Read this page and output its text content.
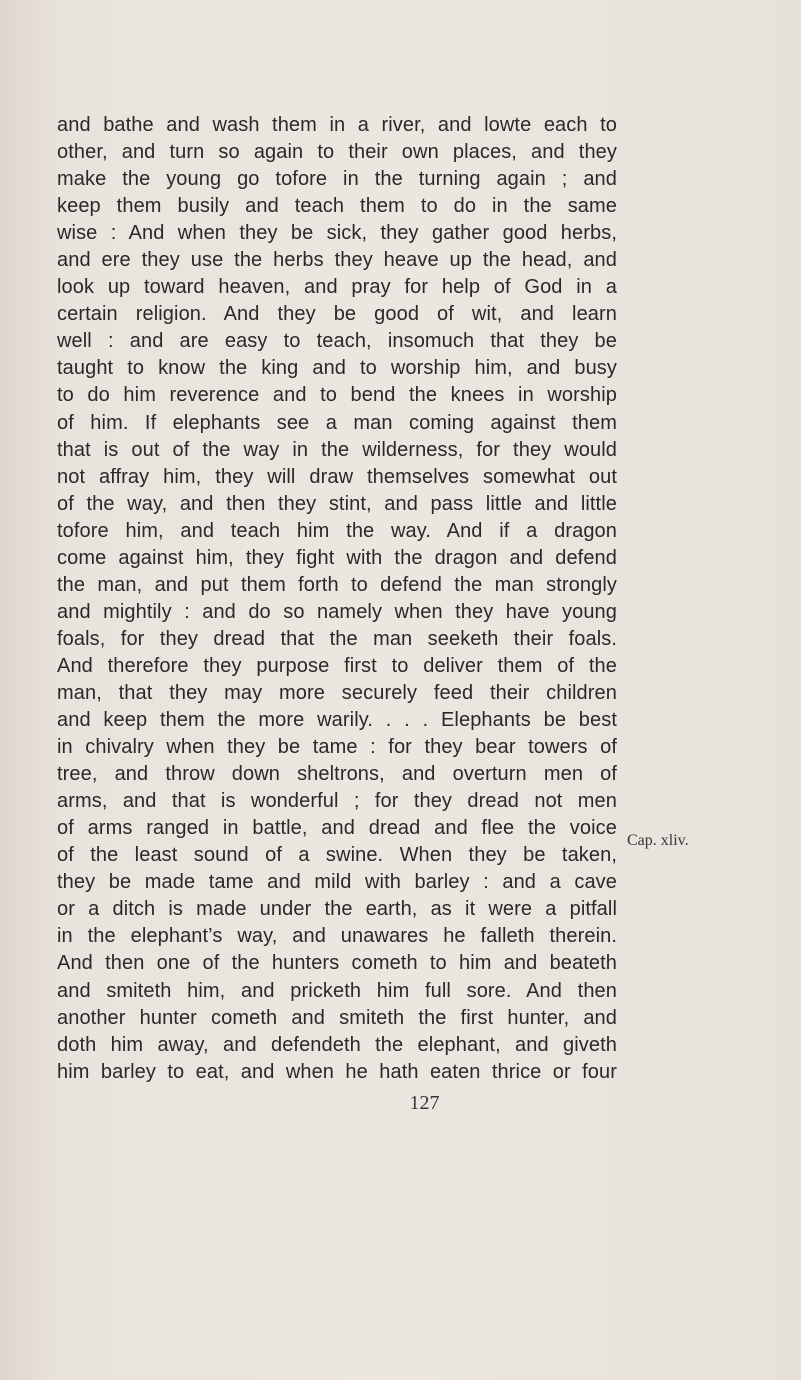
and bathe and wash them in a river, and lowte each to
other, and turn so again to their own places, and they
make the young go tofore in the turning again ; and
keep them busily and teach them to do in the same
wise : And when they be sick, they gather good herbs,
and ere they use the herbs they heave up the head, and
look up toward heaven, and pray for help of God in a
certain religion. And they be good of wit, and learn
well : and are easy to teach, insomuch that they be
taught to know the king and to worship him, and busy
to do him reverence and to bend the knees in worship
of him. If elephants see a man coming against them
that is out of the way in the wilderness, for they would
not affray him, they will draw themselves somewhat out
of the way, and then they stint, and pass little and little
tofore him, and teach him the way. And if a dragon
come against him, they fight with the dragon and defend
the man, and put them forth to defend the man strongly
and mightily : and do so namely when they have young
foals, for they dread that the man seeketh their foals.
And therefore they purpose first to deliver them of the
man, that they may more securely feed their children
and keep them the more warily. . . . Elephants be best
in chivalry when they be tame : for they bear towers of
tree, and throw down sheltrons, and overturn men of
arms, and that is wonderful ; for they dread not men
of arms ranged in battle, and dread and flee the voice
of the least sound of a swine. When they be taken,
they be made tame and mild with barley : and a cave
or a ditch is made under the earth, as it were a pitfall
in the elephant’s way, and unawares he falleth therein.
And then one of the hunters cometh to him and beateth
and smiteth him, and pricketh him full sore. And then
another hunter cometh and smiteth the first hunter, and
doth him away, and defendeth the elephant, and giveth
him barley to eat, and when he hath eaten thrice or four
Cap. xliv.
127
